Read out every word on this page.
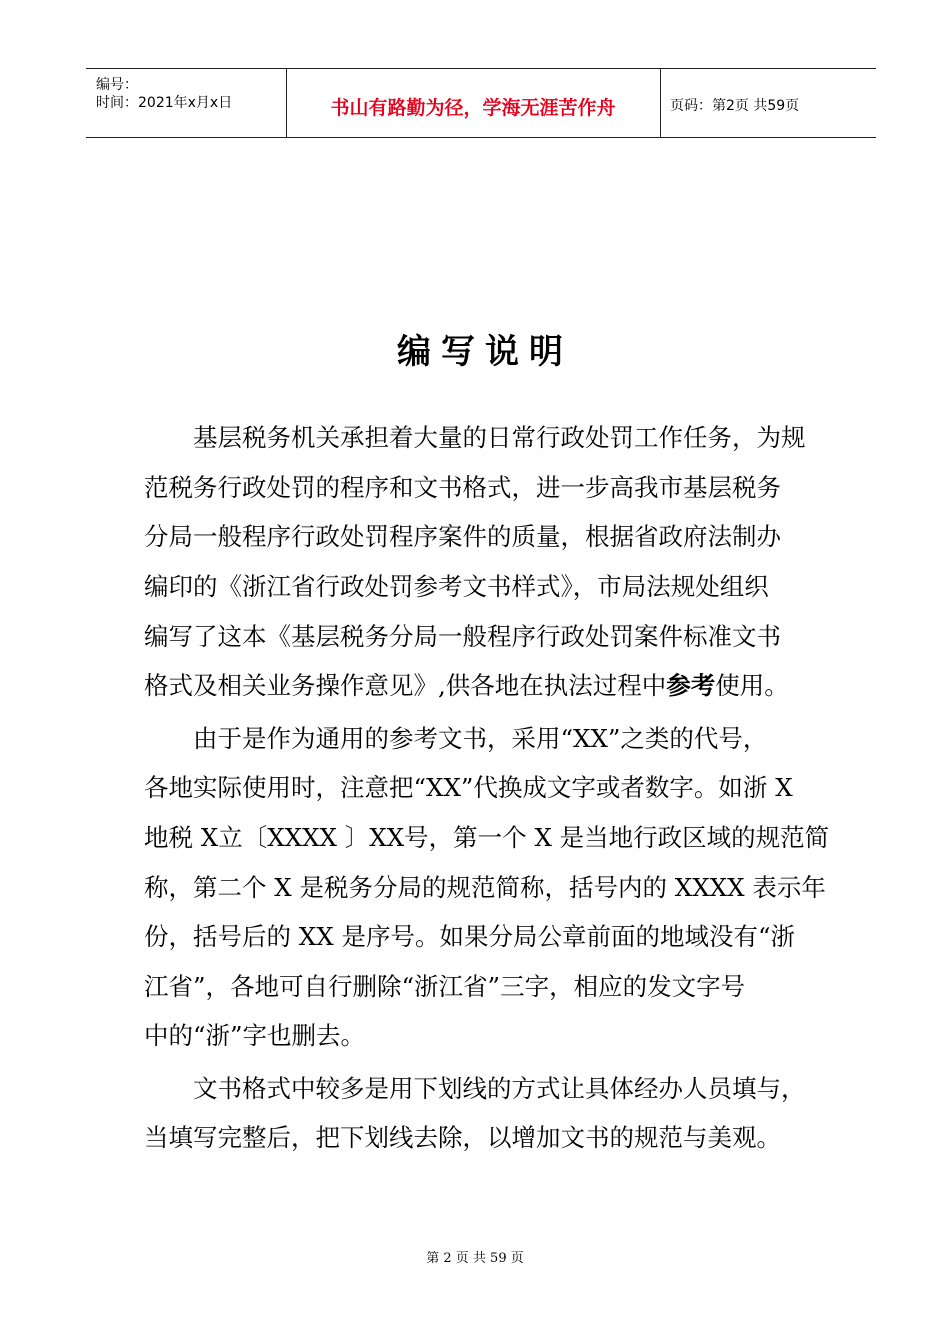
编号：
时间：2021年x月x日	书山有路勤为径，学海无涯苦作舟	页码：第2页 共59页
编写说明
基层税务机关承担着大量的日常行政处罚工作任务，为规
范税务行政处罚的程序和文书格式，进一步高我市基层税务
分局一般程序行政处罚程序案件的质量，根据省政府法制办
编印的《浙江省行政处罚参考文书样式》，市局法规处组织
编写了这本《基层税务分局一般程序行政处罚案件标准文书
格式及相关业务操作意见》,供各地在执法过程中参考使用。
由于是作为通用的参考文书，采用“XX”之类的代号，
各地实际使用时，注意把“XX”代换成文字或者数字。如浙 X
地税 X立〔XXXX 〕XX号，第一个 X 是当地行政区域的规范简
称，第二个 X 是税务分局的规范简称，括号内的 XXXX 表示年
份，括号后的 XX 是序号。如果分局公章前面的地域没有“浙
江省”，各地可自行删除“浙江省”三字，相应的发文字号
中的“浙”字也删去。
文书格式中较多是用下划线的方式让具体经办人员填与，
当填写完整后，把下划线去除，以增加文书的规范与美观。
第 2 页 共 59 页
